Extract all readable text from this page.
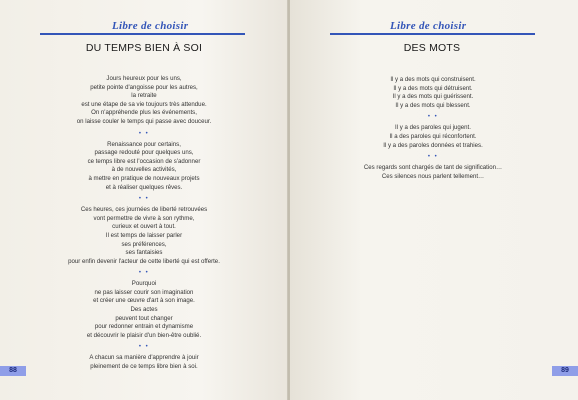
Libre de choisir
DU TEMPS BIEN À SOI
Jours heureux pour les uns,
petite pointe d'angoisse pour les autres,
la retraite
est une étape de sa vie toujours très attendue.
On n'appréhende plus les événements,
on laisse couler le temps qui passe avec douceur.
• •
Renaissance pour certains,
passage redouté pour quelques uns,
ce temps libre est l'occasion de s'adonner
à de nouvelles activités,
à mettre en pratique de nouveaux projets
et à réaliser quelques rêves.
• •
Ces heures, ces journées de liberté retrouvées
vont permettre de vivre à son rythme,
curieux et ouvert à tout.
Il est temps de laisser parler
ses préférences,
ses fantaisies
pour enfin devenir l'acteur de cette liberté qui est offerte.
• •
Pourquoi
ne pas laisser courir son imagination
et créer une œuvre d'art à son image.
Des actes
peuvent tout changer
pour redonner entrain et dynamisme
et découvrir le plaisir d'un bien-être oublié.
• •
A chacun sa manière d'apprendre à jouir
pleinement de ce temps libre bien à soi.
88
Libre de choisir
DES MOTS
Il y a des mots qui construisent.
Il y a des mots qui détruisent.
Il y a des mots qui guérissent.
Il y a des mots qui blessent.
• •
Il y a des paroles qui jugent.
Il a des paroles qui réconfortent.
Il y a des paroles données et trahies.
• •
Ces regards sont chargés de tant de signification…
Ces silences nous parlent tellement…
89
